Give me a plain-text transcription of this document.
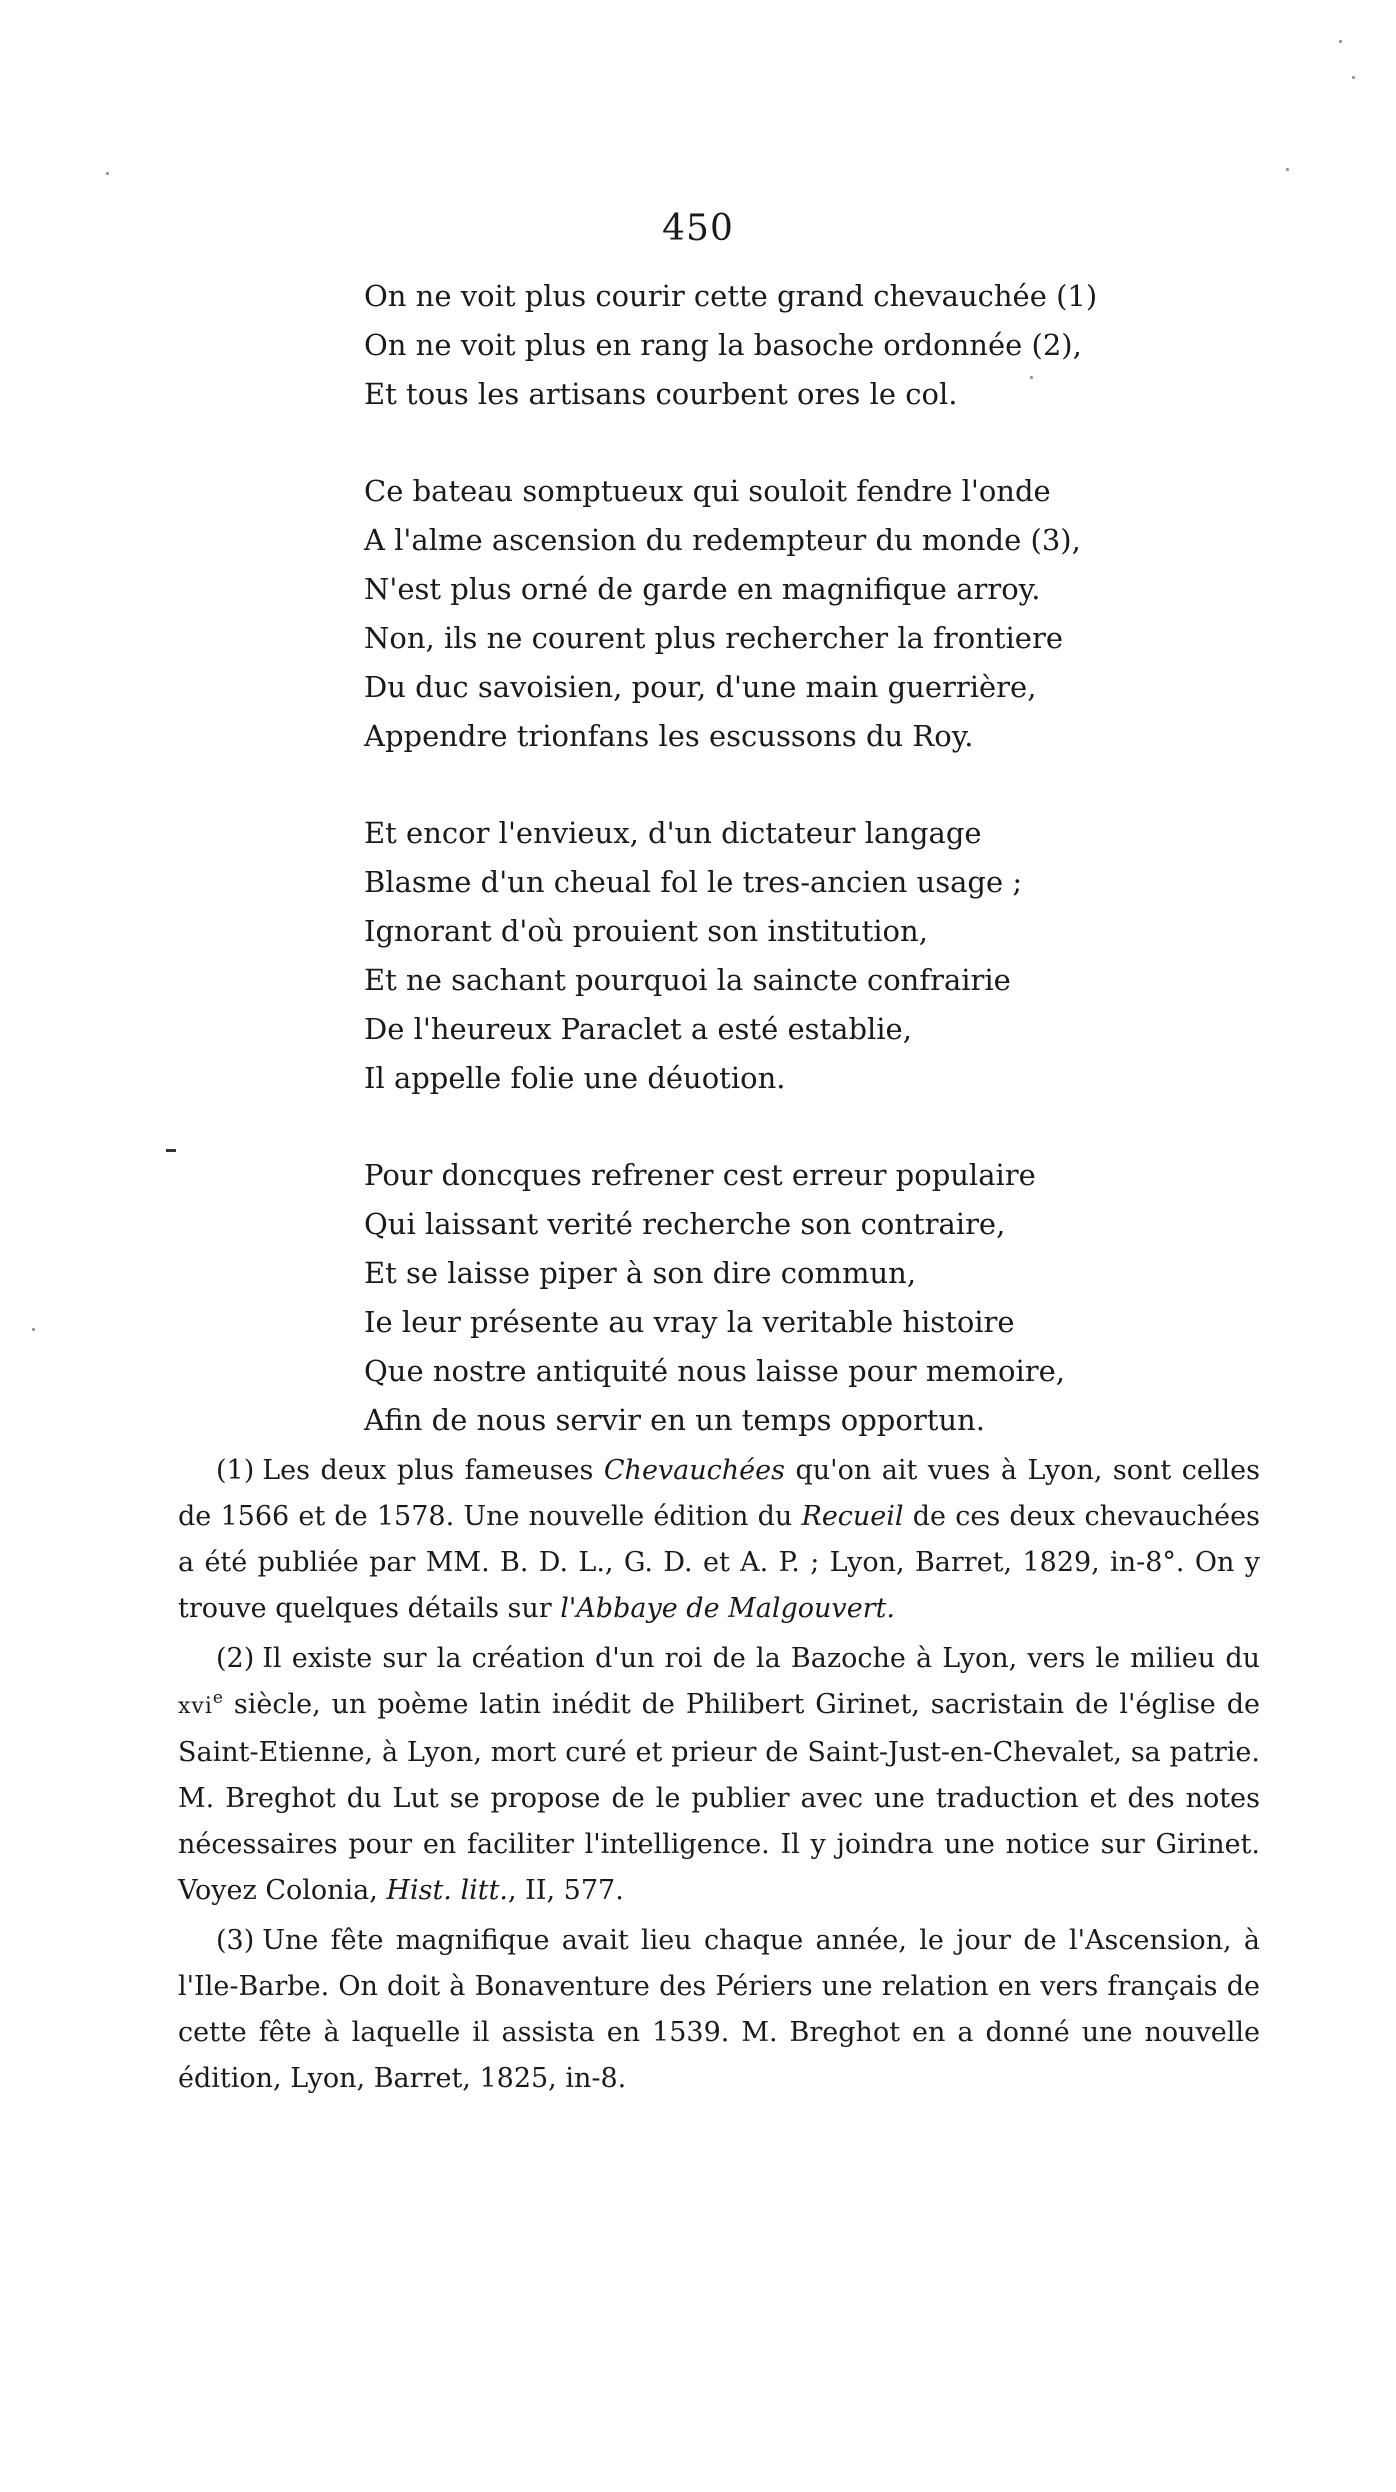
450
On ne voit plus courir cette grand chevauchée (1)
On ne voit plus en rang la basoche ordonnée (2),
Et tous les artisans courbent ores le col.
Ce bateau somptueux qui souloit fendre l'onde
A l'alme ascension du redempteur du monde (3),
N'est plus orné de garde en magnifique arroy.
Non, ils ne courent plus rechercher la frontiere
Du duc savoisien, pour, d'une main guerrière,
Appendre trionfans les escussons du Roy.
Et encor l'envieux, d'un dictateur langage
Blasme d'un cheual fol le tres-ancien usage ;
Ignorant d'où prouient son institution,
Et ne sachant pourquoi la saincte confrairie
De l'heureux Paraclet a esté establie,
Il appelle folie une déuotion.
Pour doncques refrener cest erreur populaire
Qui laissant verité recherche son contraire,
Et se laisse piper à son dire commun,
Ie leur présente au vray la veritable histoire
Que nostre antiquité nous laisse pour memoire,
Afin de nous servir en un temps opportun.

(1) Les deux plus fameuses Chevauchées qu'on ait vues à Lyon, sont celles de 1566 et de 1578. Une nouvelle édition du Recueil de ces deux chevauchées a été publiée par MM. B. D. L., G. D. et A. P. ; Lyon, Barret, 1829, in-8°. On y trouve quelques détails sur l'Abbaye de Malgouvert.

(2) Il existe sur la création d'un roi de la Bazoche à Lyon, vers le milieu du xvi$^e$ siècle, un poème latin inédit de Philibert Girinet, sacristain de l'église de Saint-Etienne, à Lyon, mort curé et prieur de Saint-Just-en-Chevalet, sa patrie. M. Breghot du Lut se propose de le publier avec une traduction et des notes nécessaires pour en faciliter l'intelligence. Il y joindra une notice sur Girinet. Voyez Colonia, Hist. litt., II, 577.

(3) Une fête magnifique avait lieu chaque année, le jour de l'Ascension, à l'Ile-Barbe. On doit à Bonaventure des Périers une relation en vers français de cette fête à laquelle il assista en 1539. M. Breghot en a donné une nouvelle édition, Lyon, Barret, 1825, in-8.
